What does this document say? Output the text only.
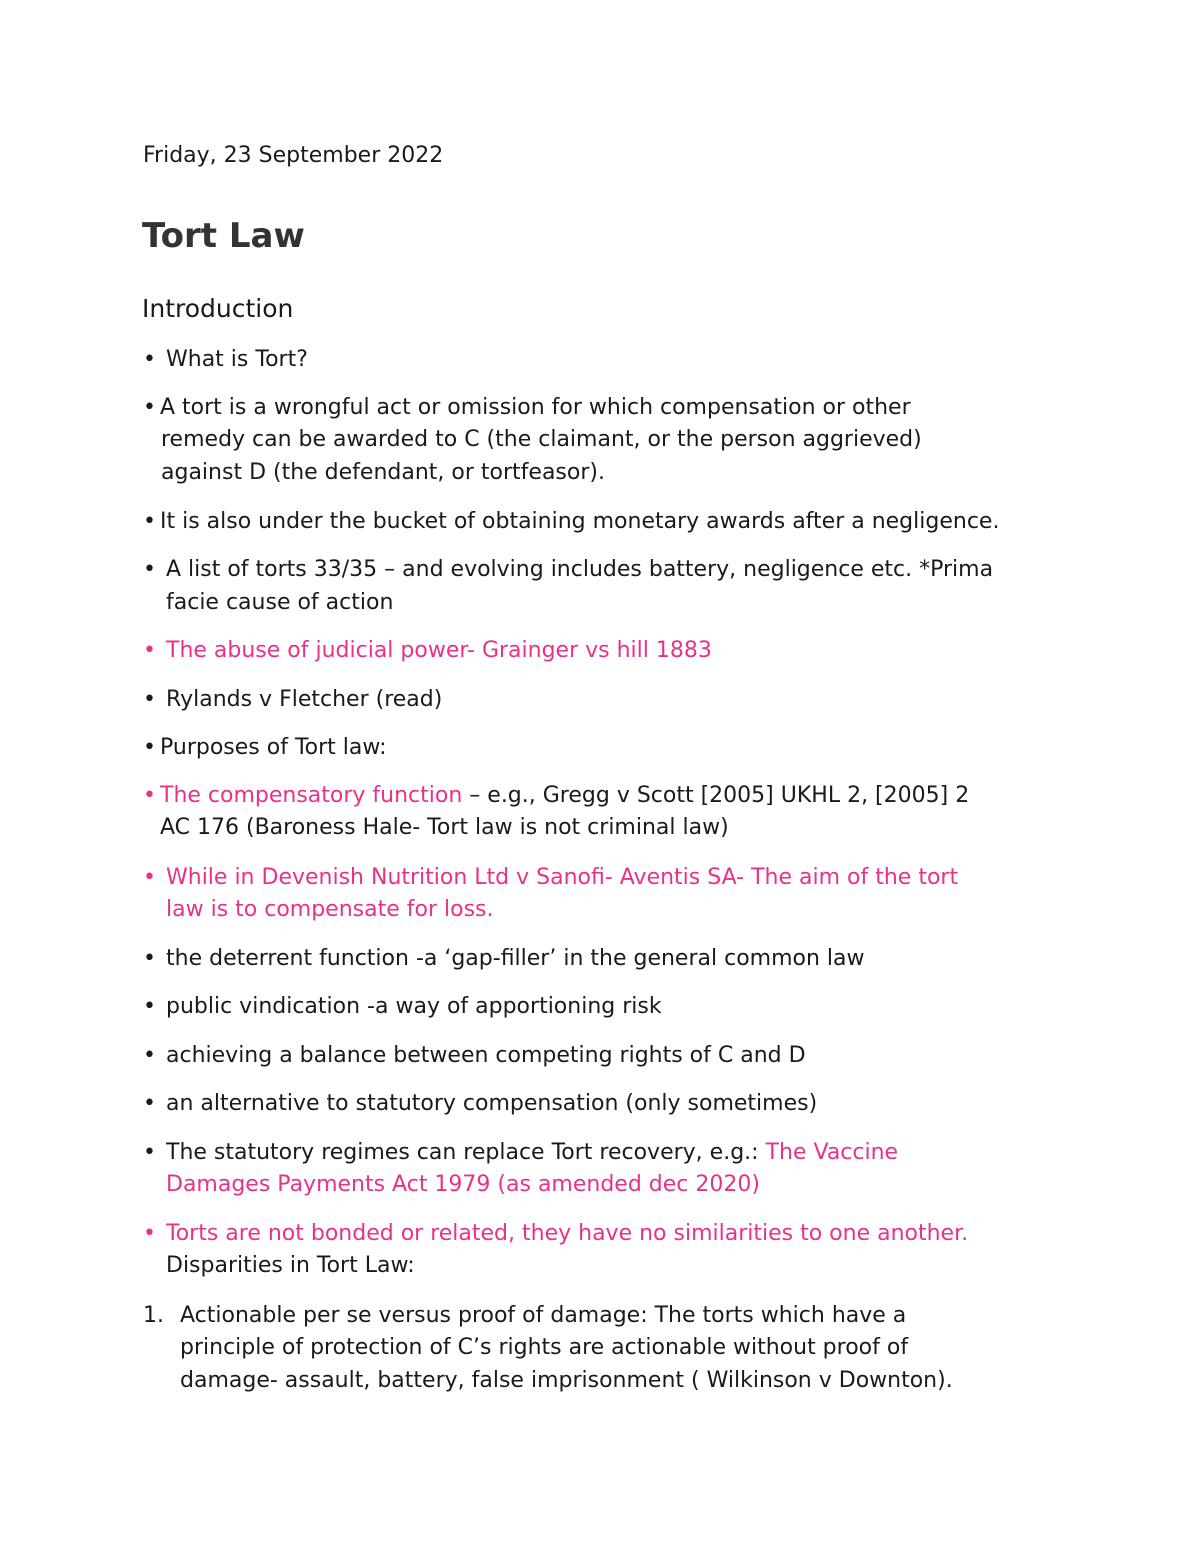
Friday, 23 September 2022
Tort Law
Introduction
• What is Tort?
• A tort is a wrongful act or omission for which compensation or other
remedy can be awarded to C (the claimant, or the person aggrieved)
against D (the defendant, or tortfeasor).
• It is also under the bucket of obtaining monetary awards after a negligence.
• A list of torts 33/35 – and evolving includes battery, negligence etc. *Prima
facie cause of action
• The abuse of judicial power- Grainger vs hill 1883
• Rylands v Fletcher (read)
• Purposes of Tort law:
• The compensatory function – e.g., Gregg v Scott [2005] UKHL 2, [2005] 2
AC 176 (Baroness Hale- Tort law is not criminal law)
• While in Devenish Nutrition Ltd v Sanofi- Aventis SA- The aim of the tort
law is to compensate for loss.
• the deterrent function -a ‘gap-filler’ in the general common law
• public vindication -a way of apportioning risk
• achieving a balance between competing rights of C and D
• an alternative to statutory compensation (only sometimes)
• The statutory regimes can replace Tort recovery, e.g.: The Vaccine
Damages Payments Act 1979 (as amended dec 2020)
• Torts are not bonded or related, they have no similarities to one another.
Disparities in Tort Law:
1. Actionable per se versus proof of damage: The torts which have a
principle of protection of C’s rights are actionable without proof of
damage- assault, battery, false imprisonment ( Wilkinson v Downton).
